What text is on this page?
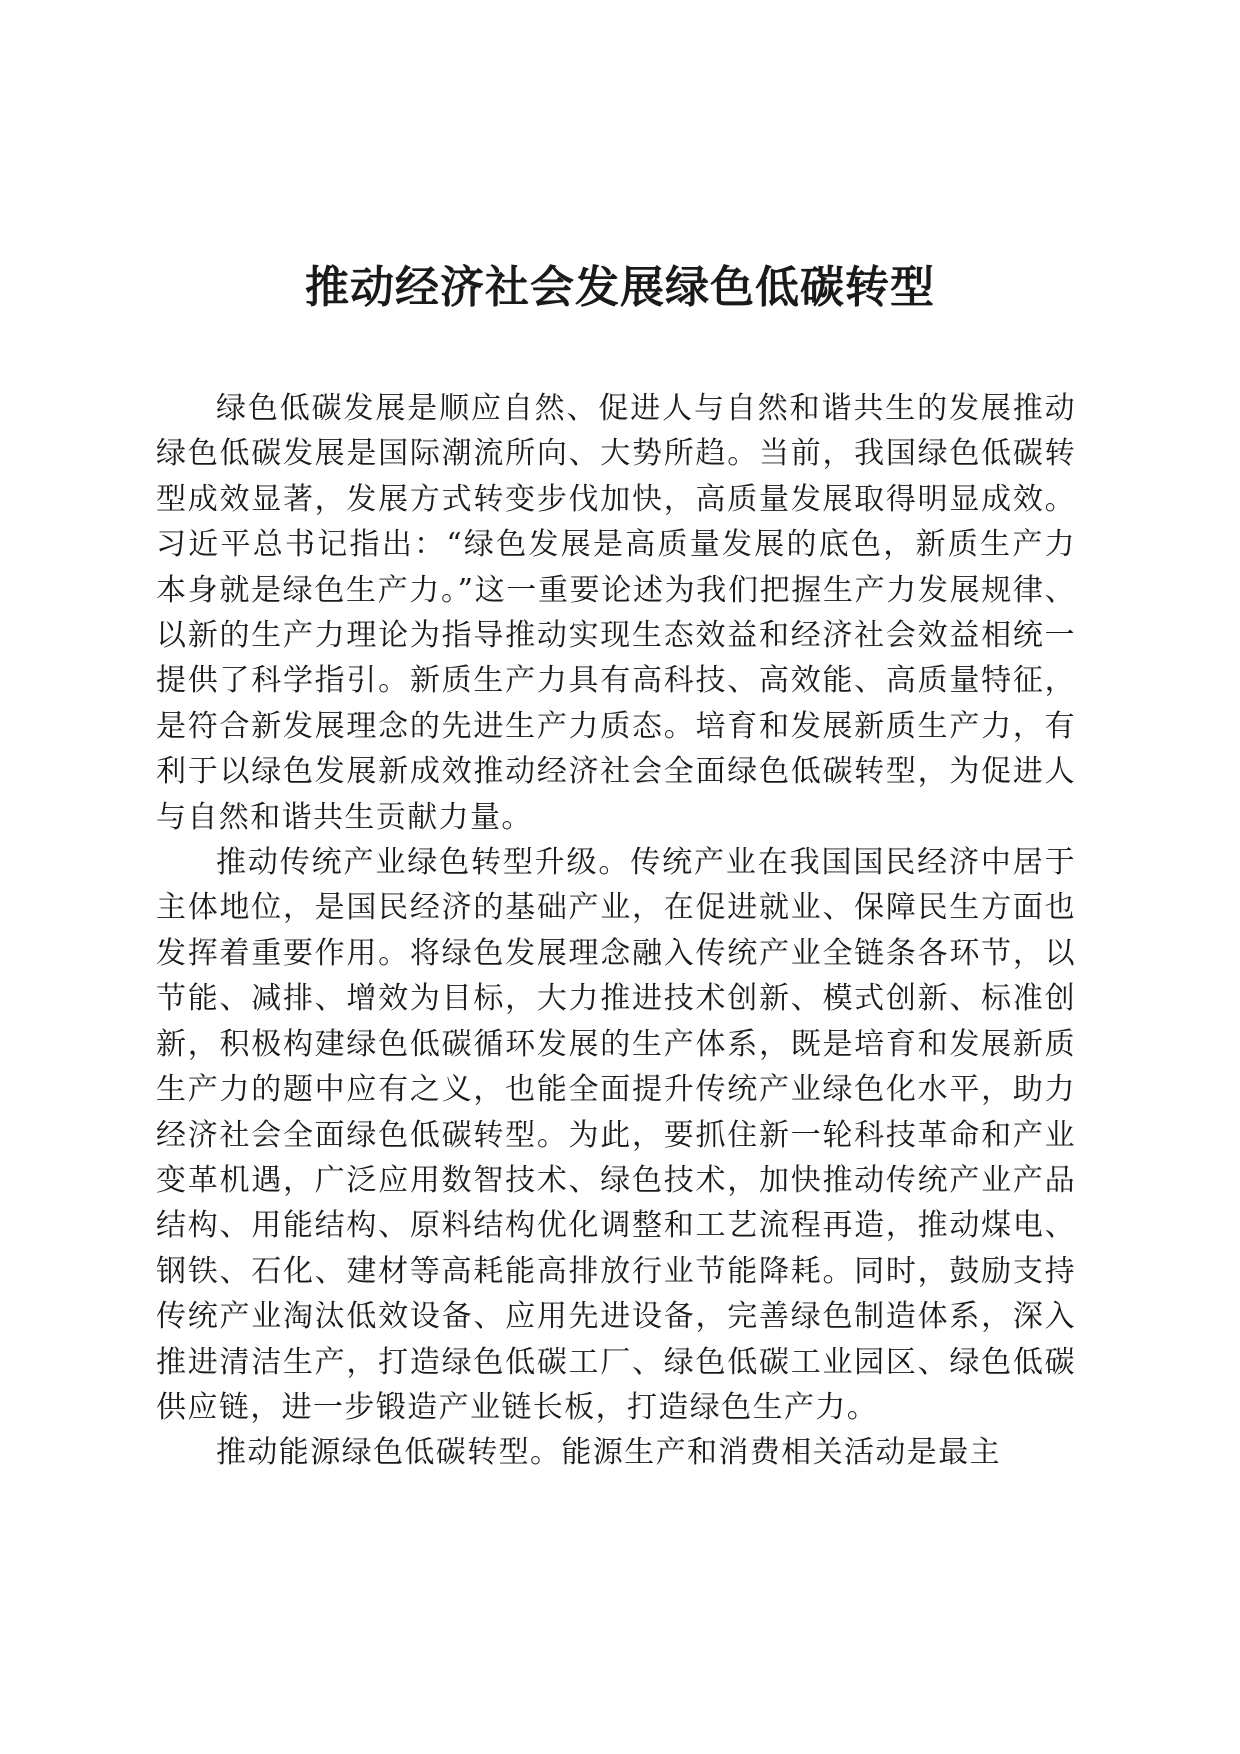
推动经济社会发展绿色低碳转型

绿色低碳发展是顺应自然、促进人与自然和谐共生的发展推动绿色低碳发展是国际潮流所向、大势所趋。当前，我国绿色低碳转型成效显著，发展方式转变步伐加快，高质量发展取得明显成效。习近平总书记指出：“绿色发展是高质量发展的底色，新质生产力本身就是绿色生产力。”这一重要论述为我们把握生产力发展规律、以新的生产力理论为指导推动实现生态效益和经济社会效益相统一提供了科学指引。新质生产力具有高科技、高效能、高质量特征，是符合新发展理念的先进生产力质态。培育和发展新质生产力，有利于以绿色发展新成效推动经济社会全面绿色低碳转型，为促进人与自然和谐共生贡献力量。

推动传统产业绿色转型升级。传统产业在我国国民经济中居于主体地位，是国民经济的基础产业，在促进就业、保障民生方面也发挥着重要作用。将绿色发展理念融入传统产业全链条各环节，以节能、减排、增效为目标，大力推进技术创新、模式创新、标准创新，积极构建绿色低碳循环发展的生产体系，既是培育和发展新质生产力的题中应有之义，也能全面提升传统产业绿色化水平，助力经济社会全面绿色低碳转型。为此，要抓住新一轮科技革命和产业变革机遇，广泛应用数智技术、绿色技术，加快推动传统产业产品结构、用能结构、原料结构优化调整和工艺流程再造，推动煤电、钢铁、石化、建材等高耗能高排放行业节能降耗。同时，鼓励支持传统产业淘汰低效设备、应用先进设备，完善绿色制造体系，深入推进清洁生产，打造绿色低碳工厂、绿色低碳工业园区、绿色低碳供应链，进一步锻造产业链长板，打造绿色生产力。

推动能源绿色低碳转型。能源生产和消费相关活动是最主
